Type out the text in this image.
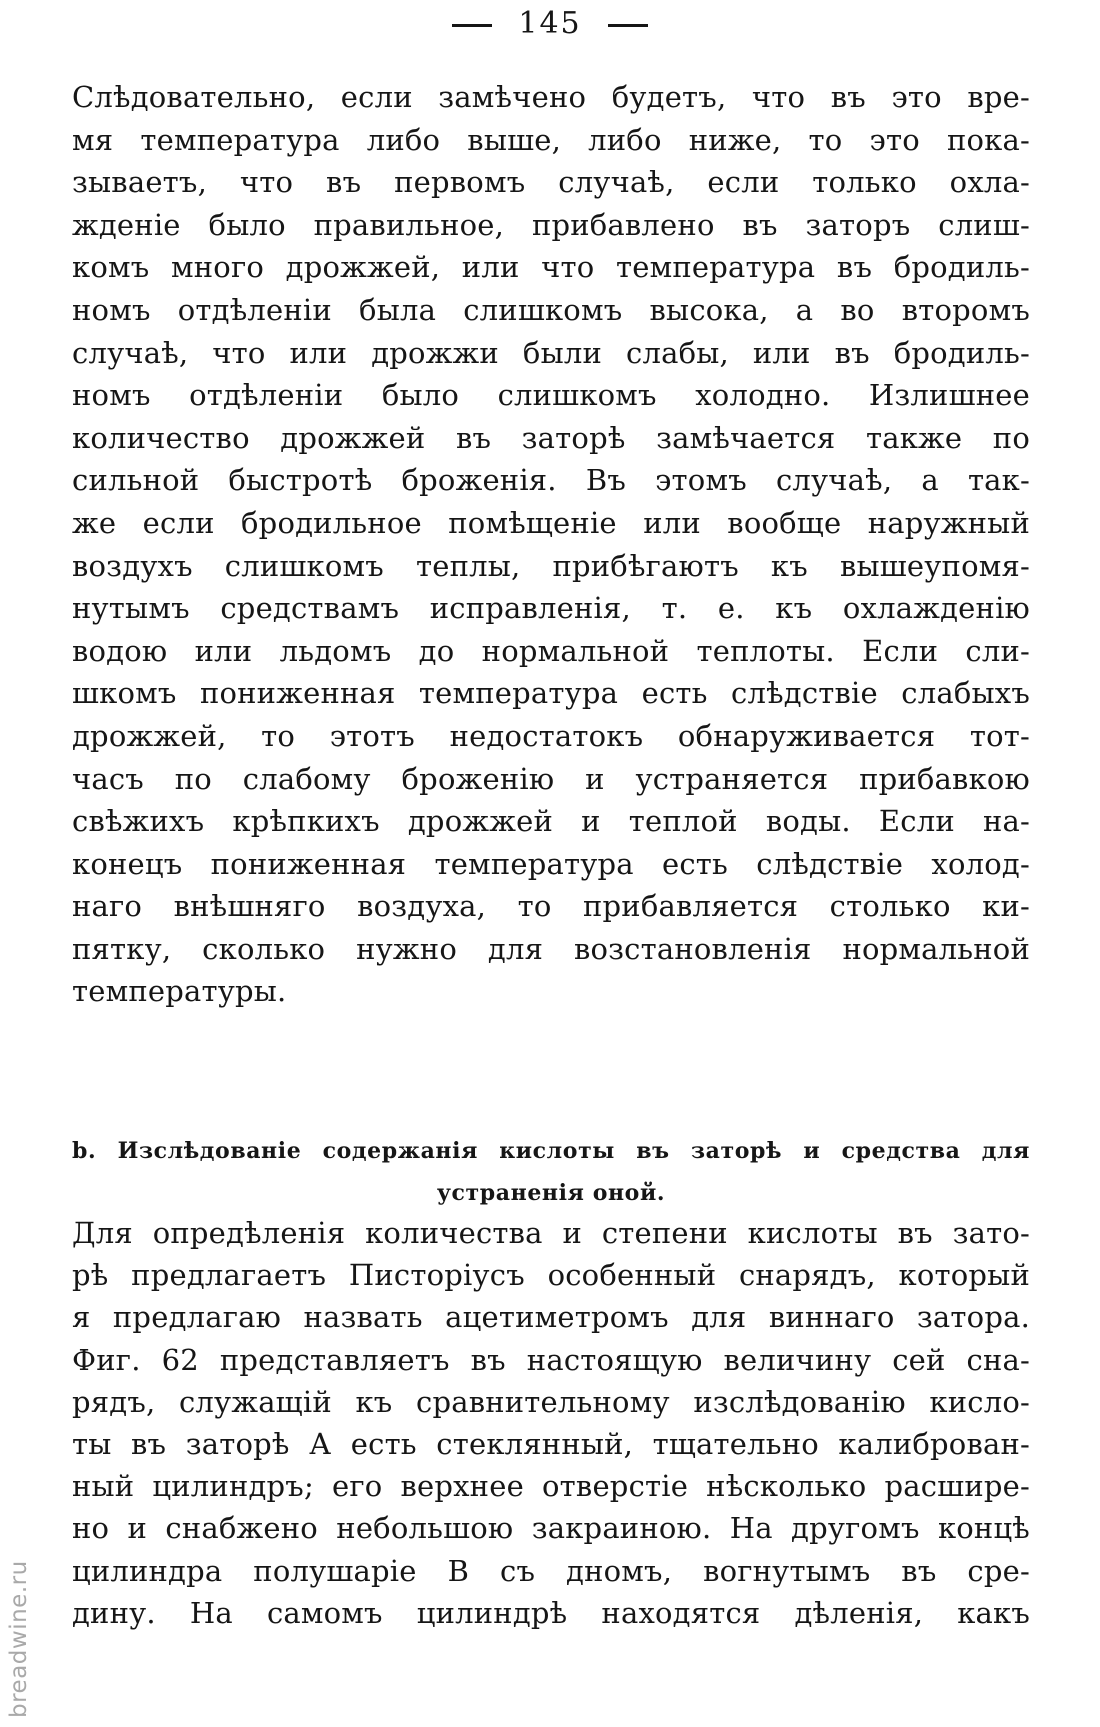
145
Слѣдовательно, если замѣчено будетъ, что въ это вре-
мя температура либо выше, либо ниже, то это пока-
зываетъ, что въ первомъ случаѣ, если только охла-
жденіе было правильное, прибавлено въ заторъ слиш-
комъ много дрожжей, или что температура въ бродиль-
номъ отдѣленіи была слишкомъ высока, а во второмъ
случаѣ, что или дрожжи были слабы, или въ бродиль-
номъ отдѣленіи было слишкомъ холодно. Излишнее
количество дрожжей въ заторѣ замѣчается также по
сильной быстротѣ броженія. Въ этомъ случаѣ, а так-
же если бродильное помѣщеніе или вообще наружный
воздухъ слишкомъ теплы, прибѣгаютъ къ вышеупомя-
нутымъ средствамъ исправленія, т. е. къ охлажденію
водою или льдомъ до нормальной теплоты. Если сли-
шкомъ пониженная температура есть слѣдствіе слабыхъ
дрожжей, то этотъ недостатокъ обнаруживается тот-
часъ по слабому броженію и устраняется прибавкою
свѣжихъ крѣпкихъ дрожжей и теплой воды. Если на-
конецъ пониженная температура есть слѣдствіе холод-
наго внѣшняго воздуха, то прибавляется столько ки-
пятку, сколько нужно для возстановленія нормальной
температуры.
b. Изслѣдованіе содержанія кислоты въ заторѣ и средства для
устраненія оной.
Для опредѣленія количества и степени кислоты въ зато-
рѣ предлагаетъ Писторіусъ особенный снарядъ, который
я предлагаю назвать ацетиметромъ для виннаго затора.
Фиг. 62 представляетъ въ настоящую величину сей сна-
рядъ, служащій къ сравнительному изслѣдованію кисло-
ты въ заторѣ А есть стеклянный, тщательно калиброван-
ный цилиндръ; его верхнее отверстіе нѣсколько расшире-
но и снабжено небольшою закраиною. На другомъ концѣ
цилиндра полушаріе В съ дномъ, вогнутымъ въ сре-
дину. На самомъ цилиндрѣ находятся дѣленія, какъ
breadwine.ru
